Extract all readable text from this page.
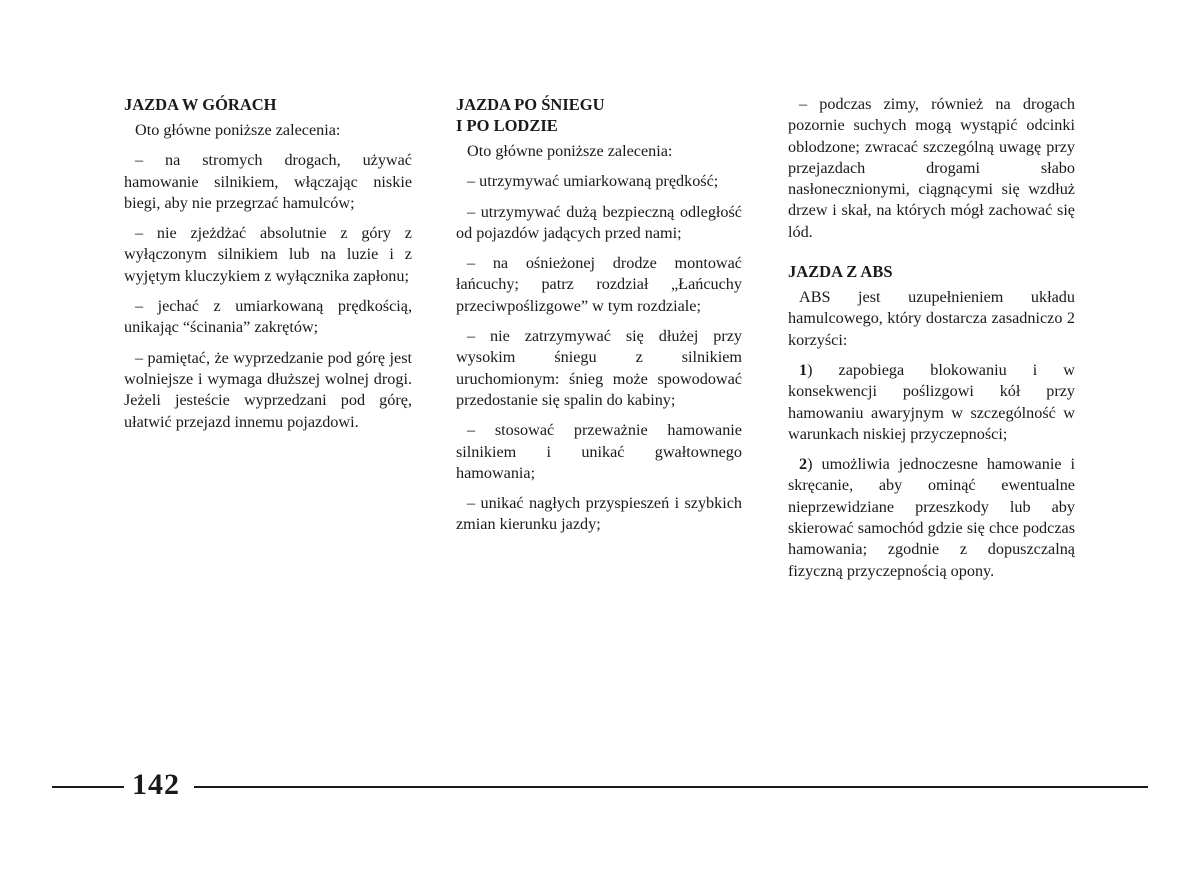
JAZDA W GÓRACH

Oto główne poniższe zalecenia:

– na stromych drogach, używać hamowanie silnikiem, włączając niskie biegi, aby nie przegrzać hamulców;

– nie zjeżdżać absolutnie z góry z wyłączonym silnikiem lub na luzie i z wyjętym kluczykiem z wyłącznika zapłonu;

– jechać z umiarkowaną prędkością, unikając “ścinania” zakrętów;

– pamiętać, że wyprzedzanie pod górę jest wolniejsze i wymaga dłuższej wolnej drogi. Jeżeli jesteście wyprzedzani pod górę, ułatwić przejazd innemu pojazdowi.

JAZDA PO ŚNIEGU
I PO LODZIE

Oto główne poniższe zalecenia:

– utrzymywać umiarkowaną prędkość;

– utrzymywać dużą bezpieczną odległość od pojazdów jadących przed nami;

– na ośnieżonej drodze montować łańcuchy; patrz rozdział „Łańcuchy przeciwpoślizgowe” w tym rozdziale;

– nie zatrzymywać się dłużej przy wysokim śniegu z silnikiem uruchomionym: śnieg może spowodować przedostanie się spalin do kabiny;

– stosować przeważnie hamowanie silnikiem i unikać gwałtownego hamowania;

– unikać nagłych przyspieszeń i szybkich zmian kierunku jazdy;

– podczas zimy, również na drogach pozornie suchych mogą wystąpić odcinki oblodzone; zwracać szczególną uwagę przy przejazdach drogami słabo nasłonecznionymi, ciągnącymi się wzdłuż drzew i skał, na których mógł zachować się lód.

JAZDA Z ABS

ABS jest uzupełnieniem układu hamulcowego, który dostarcza zasadniczo 2 korzyści:

1) zapobiega blokowaniu i w konsekwencji poślizgowi kół przy hamowaniu awaryjnym w szczególność w warunkach niskiej przyczepności;

2) umożliwia jednoczesne hamowanie i skręcanie, aby ominąć ewentualne nieprzewidziane przeszkody lub aby skierować samochód gdzie się chce podczas hamowania; zgodnie z dopuszczalną fizyczną przyczepnością opony.

142
